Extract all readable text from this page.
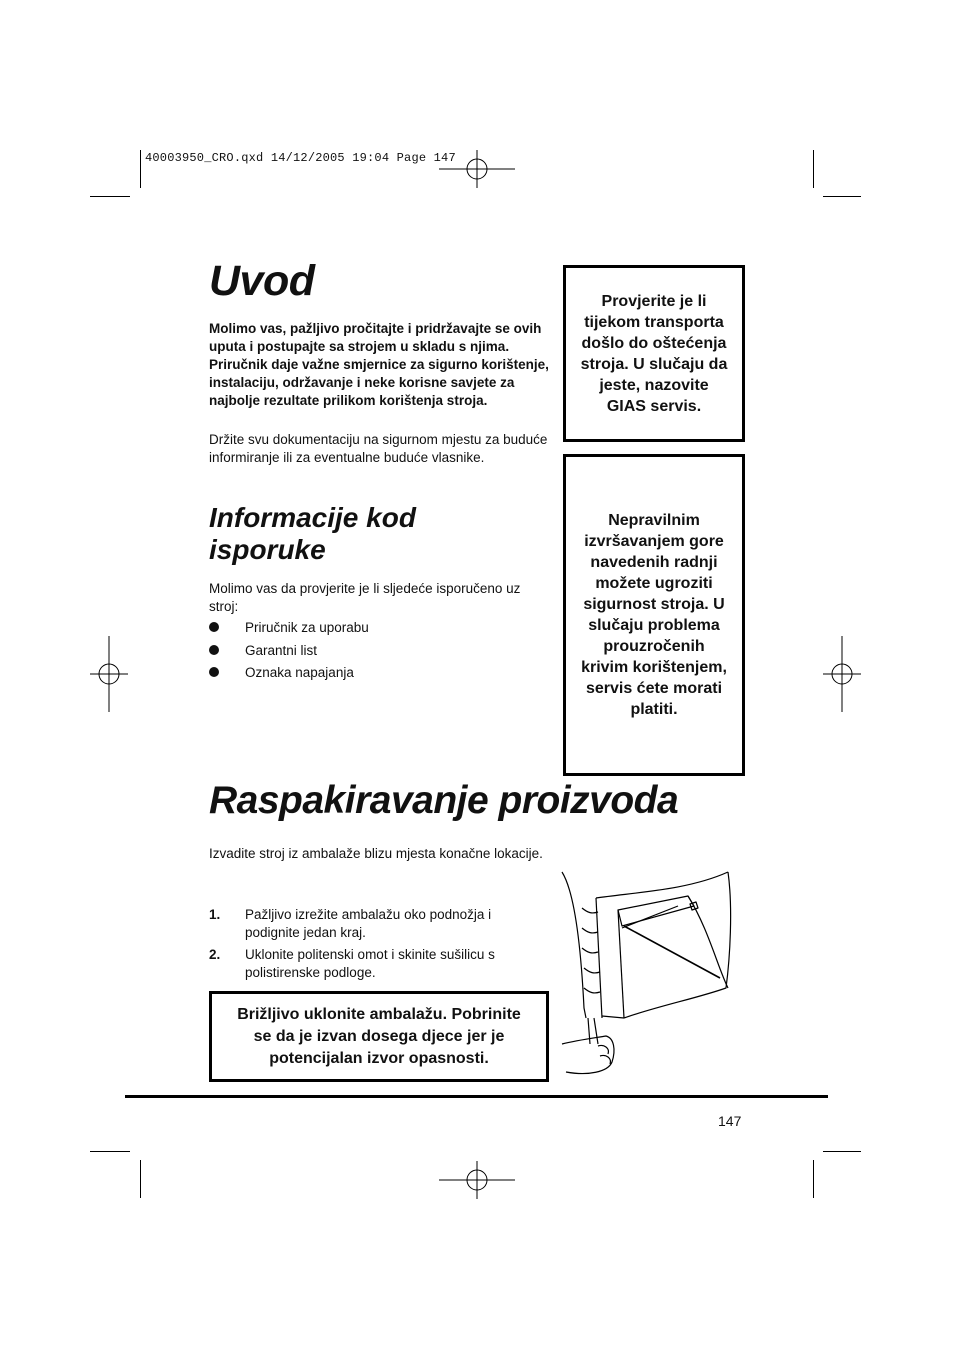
40003950_CRO.qxd 14/12/2005 19:04 Page 147
Uvod

Molimo vas, pažljivo pročitajte i pridržavajte se ovih uputa i postupajte sa strojem u skladu s njima. Priručnik daje važne smjernice za sigurno korištenje, instalaciju, održavanje i neke korisne savjete za najbolje rezultate prilikom korištenja stroja.

Držite svu dokumentaciju na sigurnom mjestu za buduće informiranje ili za eventualne buduće vlasnike.

Informacije kod isporuke

Molimo vas da provjerite je li sljedeće isporučeno uz stroj:

Priručnik za uporabu
Garantni list
Oznaka napajanja

Provjerite je li tijekom transporta došlo do oštećenja stroja. U slučaju da jeste, nazovite GIAS servis.

Nepravilnim izvršavanjem gore navedenih radnji možete ugroziti sigurnost stroja. U slučaju problema prouzročenih krivim korištenjem, servis ćete morati platiti.

Raspakiravanje proizvoda

Izvadite stroj iz ambalaže blizu mjesta konačne lokacije.

1. Pažljivo izrežite ambalažu oko podnožja i podignite jedan kraj.
2. Uklonite politenski omot i skinite sušilicu s polistirenske podloge.

Brižljivo uklonite ambalažu. Pobrinite se da je izvan dosega djece jer je potencijalan izvor opasnosti.

147
